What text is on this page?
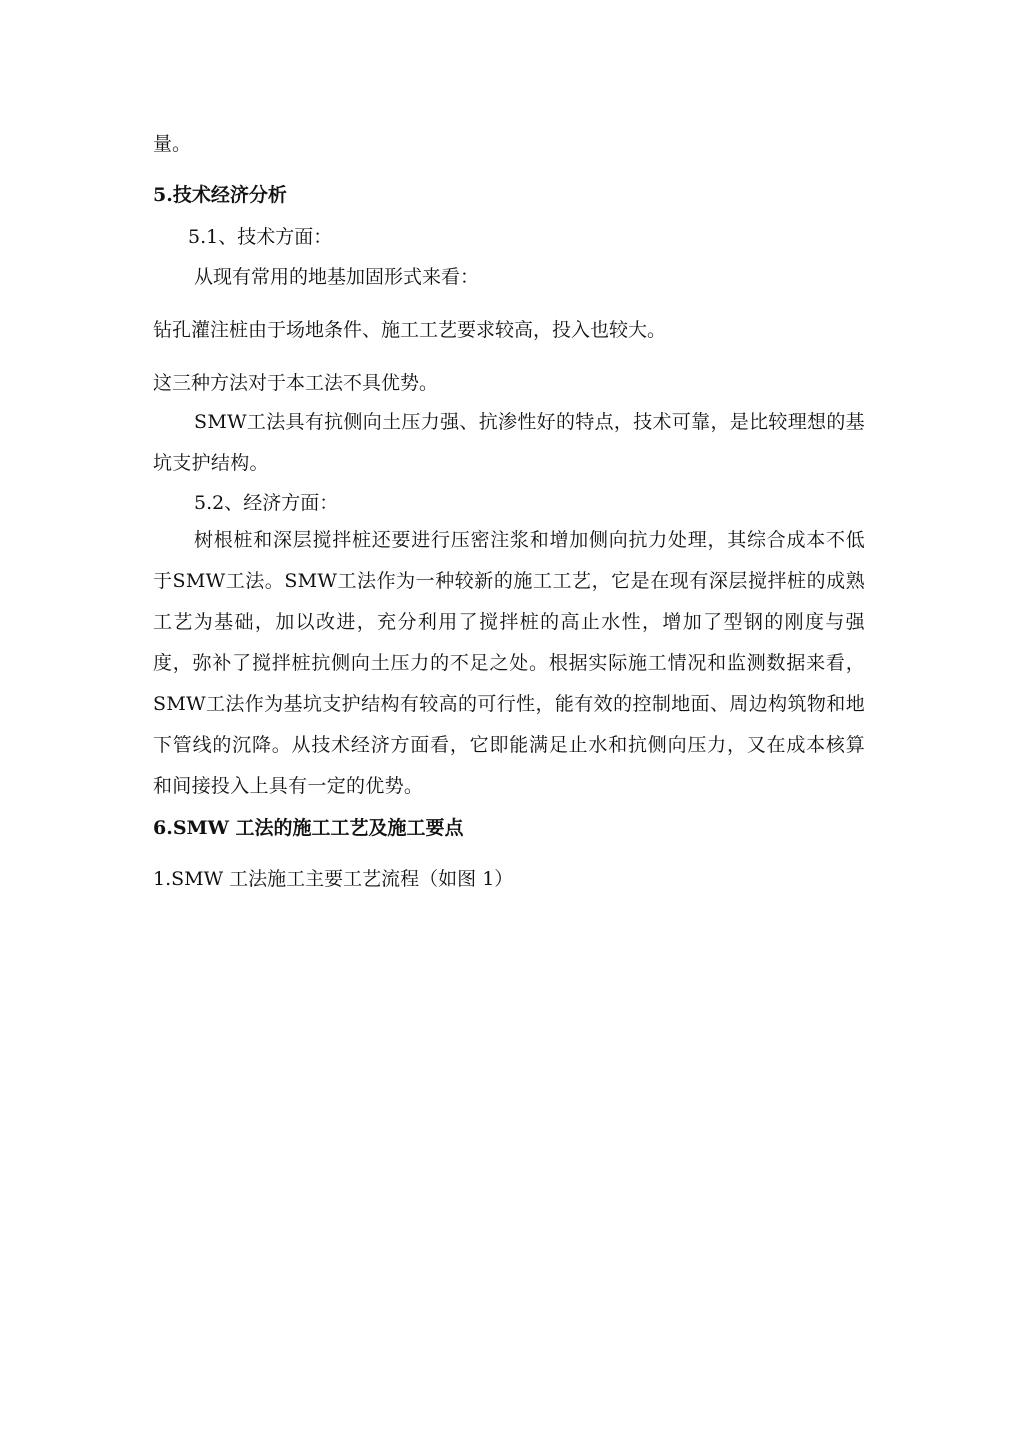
量。
5.技术经济分析
5.1、技术方面：
从现有常用的地基加固形式来看：
钻孔灌注桩由于场地条件、施工工艺要求较高，投入也较大。
这三种方法对于本工法不具优势。
SMW工法具有抗侧向土压力强、抗渗性好的特点，技术可靠，是比较理想的基坑支护结构。
5.2、经济方面：
树根桩和深层搅拌桩还要进行压密注浆和增加侧向抗力处理，其综合成本不低于SMW工法。SMW工法作为一种较新的施工工艺，它是在现有深层搅拌桩的成熟工艺为基础，加以改进，充分利用了搅拌桩的高止水性，增加了型钢的刚度与强度，弥补了搅拌桩抗侧向土压力的不足之处。根据实际施工情况和监测数据来看，SMW工法作为基坑支护结构有较高的可行性，能有效的控制地面、周边构筑物和地下管线的沉降。从技术经济方面看，它即能满足止水和抗侧向压力，又在成本核算和间接投入上具有一定的优势。
6.SMW 工法的施工工艺及施工要点
1.SMW 工法施工主要工艺流程（如图 1）
